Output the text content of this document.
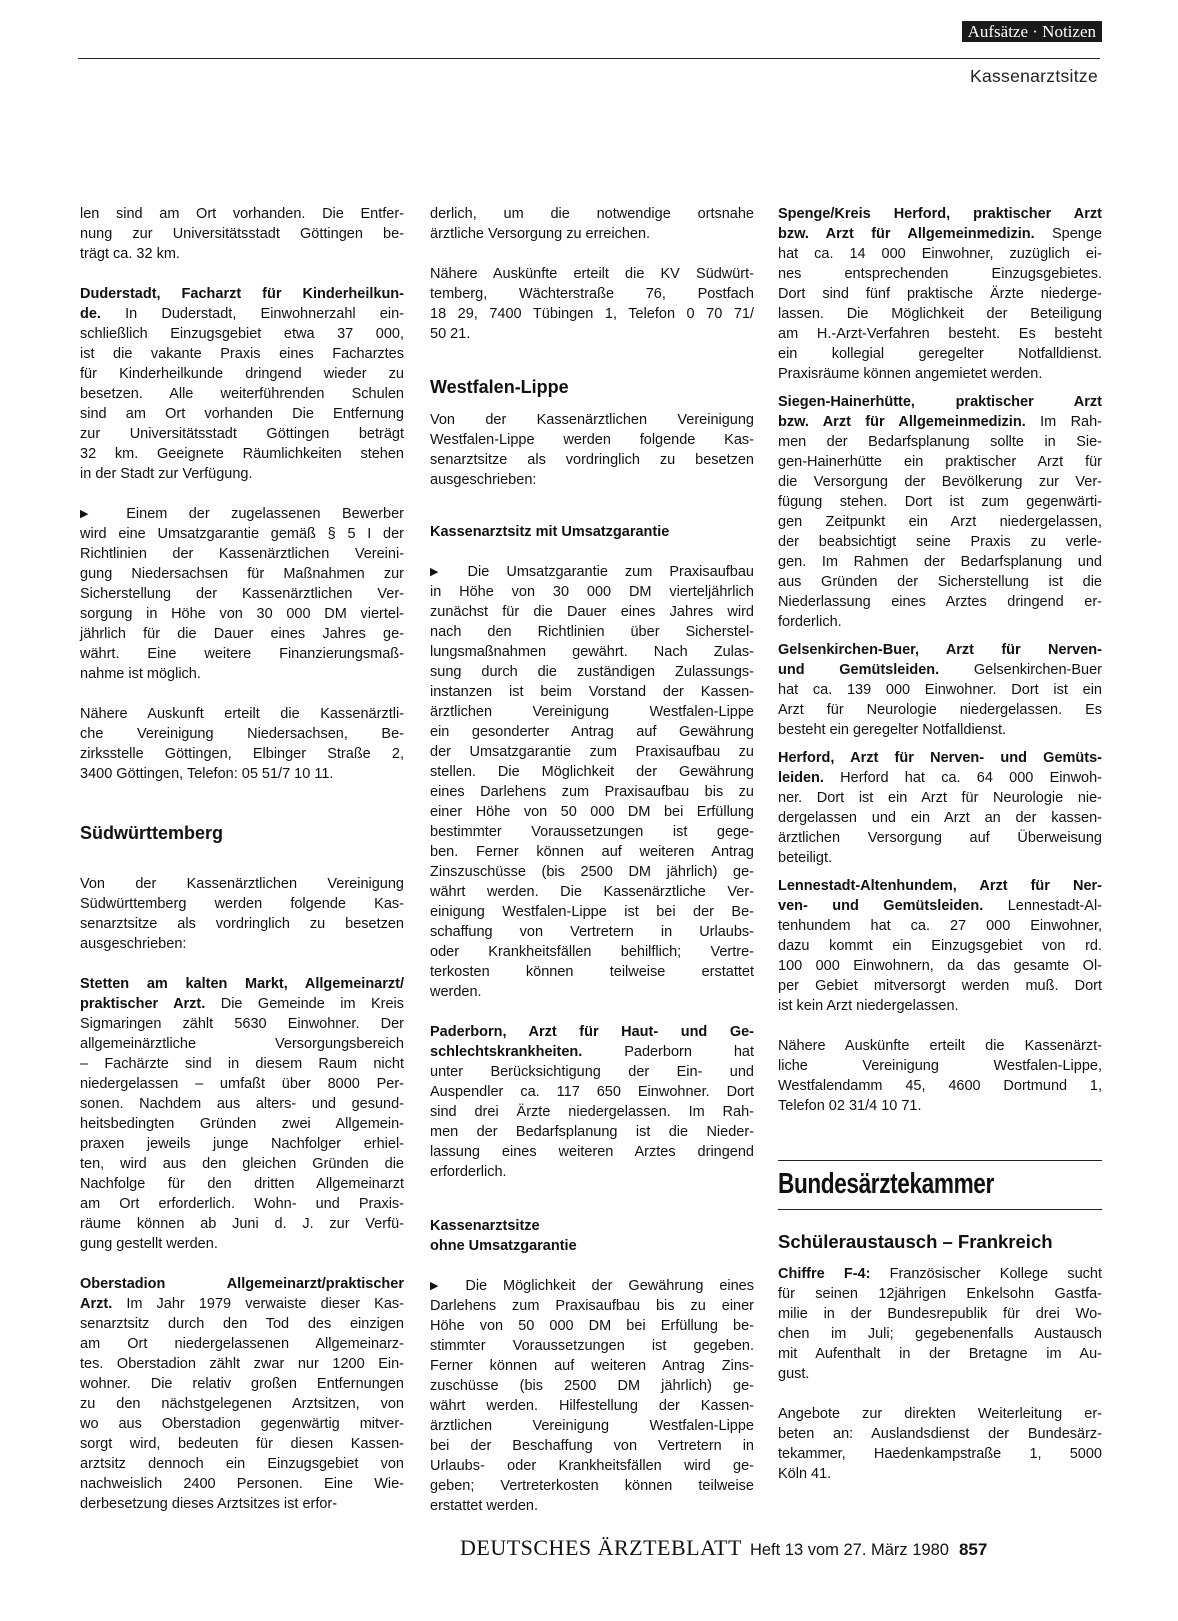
Aufsätze · Notizen
Kassenarztsitze
len sind am Ort vorhanden. Die Entfer-
nung zur Universitätsstadt Göttingen be-
trägt ca. 32 km.
Duderstadt, Facharzt für Kinderheilkun-
de. In Duderstadt, Einwohnerzahl ein-
schließlich Einzugsgebiet etwa 37 000,
ist die vakante Praxis eines Facharztes
für Kinderheilkunde dringend wieder zu
besetzen. Alle weiterführenden Schulen
sind am Ort vorhanden Die Entfernung
zur Universitätsstadt Göttingen beträgt
32 km. Geeignete Räumlichkeiten stehen
in der Stadt zur Verfügung.
▶ Einem der zugelassenen Bewerber
wird eine Umsatzgarantie gemäß § 5 I der
Richtlinien der Kassenärztlichen Vereini-
gung Niedersachsen für Maßnahmen zur
Sicherstellung der Kassenärztlichen Ver-
sorgung in Höhe von 30 000 DM viertel-
jährlich für die Dauer eines Jahres ge-
währt. Eine weitere Finanzierungsmaß-
nahme ist möglich.
Nähere Auskunft erteilt die Kassenärztli-
che Vereinigung Niedersachsen, Be-
zirksstelle Göttingen, Elbinger Straße 2,
3400 Göttingen, Telefon: 05 51/7 10 11.
Südwürttemberg
Von der Kassenärztlichen Vereinigung
Südwürttemberg werden folgende Kas-
senarztsitze als vordringlich zu besetzen
ausgeschrieben:
Stetten am kalten Markt, Allgemeinarzt/
praktischer Arzt. Die Gemeinde im Kreis
Sigmaringen zählt 5630 Einwohner. Der
allgemeinärztliche Versorgungsbereich
– Fachärzte sind in diesem Raum nicht
niedergelassen – umfaßt über 8000 Per-
sonen. Nachdem aus alters- und gesund-
heitsbedingten Gründen zwei Allgemein-
praxen jeweils junge Nachfolger erhiel-
ten, wird aus den gleichen Gründen die
Nachfolge für den dritten Allgemeinarzt
am Ort erforderlich. Wohn- und Praxis-
räume können ab Juni d. J. zur Verfü-
gung gestellt werden.
Oberstadion Allgemeinarzt/praktischer
Arzt. Im Jahr 1979 verwaiste dieser Kas-
senarztsitz durch den Tod des einzigen
am Ort niedergelassenen Allgemeinarz-
tes. Oberstadion zählt zwar nur 1200 Ein-
wohner. Die relativ großen Entfernungen
zu den nächstgelegenen Arztsitzen, von
wo aus Oberstadion gegenwärtig mitver-
sorgt wird, bedeuten für diesen Kassen-
arztsitz dennoch ein Einzugsgebiet von
nachweislich 2400 Personen. Eine Wie-
derbesetzung dieses Arztsitzes ist erfor-
derlich, um die notwendige ortsnahe
ärztliche Versorgung zu erreichen.
Nähere Auskünfte erteilt die KV Südwürt-
temberg, Wächterstraße 76, Postfach
18 29, 7400 Tübingen 1, Telefon 0 70 71/
50 21.
Westfalen-Lippe
Von der Kassenärztlichen Vereinigung
Westfalen-Lippe werden folgende Kas-
senarztsitze als vordringlich zu besetzen
ausgeschrieben:
Kassenarztsitz mit Umsatzgarantie
▶ Die Umsatzgarantie zum Praxisaufbau
in Höhe von 30 000 DM vierteljährlich
zunächst für die Dauer eines Jahres wird
nach den Richtlinien über Sicherstel-
lungsmaßnahmen gewährt. Nach Zulas-
sung durch die zuständigen Zulassungs-
instanzen ist beim Vorstand der Kassen-
ärztlichen Vereinigung Westfalen-Lippe
ein gesonderter Antrag auf Gewährung
der Umsatzgarantie zum Praxisaufbau zu
stellen. Die Möglichkeit der Gewährung
eines Darlehens zum Praxisaufbau bis zu
einer Höhe von 50 000 DM bei Erfüllung
bestimmter Voraussetzungen ist gege-
ben. Ferner können auf weiteren Antrag
Zinszuschüsse (bis 2500 DM jährlich) ge-
währt werden. Die Kassenärztliche Ver-
einigung Westfalen-Lippe ist bei der Be-
schaffung von Vertretern in Urlaubs-
oder Krankheitsfällen behilflich; Vertre-
terkosten können teilweise erstattet
werden.
Paderborn, Arzt für Haut- und Ge-
schlechtskrankheiten. Paderborn hat
unter Berücksichtigung der Ein- und
Auspendler ca. 117 650 Einwohner. Dort
sind drei Ärzte niedergelassen. Im Rah-
men der Bedarfsplanung ist die Nieder-
lassung eines weiteren Arztes dringend
erforderlich.
Kassenarztsitze
ohne Umsatzgarantie
▶ Die Möglichkeit der Gewährung eines
Darlehens zum Praxisaufbau bis zu einer
Höhe von 50 000 DM bei Erfüllung be-
stimmter Voraussetzungen ist gegeben.
Ferner können auf weiteren Antrag Zins-
zuschüsse (bis 2500 DM jährlich) ge-
währt werden. Hilfestellung der Kassen-
ärztlichen Vereinigung Westfalen-Lippe
bei der Beschaffung von Vertretern in
Urlaubs- oder Krankheitsfällen wird ge-
geben; Vertreterkosten können teilweise
erstattet werden.
Spenge/Kreis Herford, praktischer Arzt
bzw. Arzt für Allgemeinmedizin. Spenge
hat ca. 14 000 Einwohner, zuzüglich ei-
nes entsprechenden Einzugsgebietes.
Dort sind fünf praktische Ärzte niederge-
lassen. Die Möglichkeit der Beteiligung
am H.-Arzt-Verfahren besteht. Es besteht
ein kollegial geregelter Notfalldienst.
Praxisräume können angemietet werden.
Siegen-Hainerhütte, praktischer Arzt
bzw. Arzt für Allgemeinmedizin. Im Rah-
men der Bedarfsplanung sollte in Sie-
gen-Hainerhütte ein praktischer Arzt für
die Versorgung der Bevölkerung zur Ver-
fügung stehen. Dort ist zum gegenwärti-
gen Zeitpunkt ein Arzt niedergelassen,
der beabsichtigt seine Praxis zu verle-
gen. Im Rahmen der Bedarfsplanung und
aus Gründen der Sicherstellung ist die
Niederlassung eines Arztes dringend er-
forderlich.
Gelsenkirchen-Buer, Arzt für Nerven-
und Gemütsleiden. Gelsenkirchen-Buer
hat ca. 139 000 Einwohner. Dort ist ein
Arzt für Neurologie niedergelassen. Es
besteht ein geregelter Notfalldienst.
Herford, Arzt für Nerven- und Gemüts-
leiden. Herford hat ca. 64 000 Einwoh-
ner. Dort ist ein Arzt für Neurologie nie-
dergelassen und ein Arzt an der kassen-
ärztlichen Versorgung auf Überweisung
beteiligt.
Lennestadt-Altenhundem, Arzt für Ner-
ven- und Gemütsleiden. Lennestadt-Al-
tenhundem hat ca. 27 000 Einwohner,
dazu kommt ein Einzugsgebiet von rd.
100 000 Einwohnern, da das gesamte Ol-
per Gebiet mitversorgt werden muß. Dort
ist kein Arzt niedergelassen.
Nähere Auskünfte erteilt die Kassenärzt-
liche Vereinigung Westfalen-Lippe,
Westfalendamm 45, 4600 Dortmund 1,
Telefon 02 31/4 10 71.
Bundesärztekammer
Schüleraustausch – Frankreich
Chiffre F-4: Französischer Kollege sucht
für seinen 12jährigen Enkelsohn Gastfa-
milie in der Bundesrepublik für drei Wo-
chen im Juli; gegebenenfalls Austausch
mit Aufenthalt in der Bretagne im Au-
gust.
Angebote zur direkten Weiterleitung er-
beten an: Auslandsdienst der Bundesärz-
tekammer, Haedenkampstraße 1, 5000
Köln 41.
DEUTSCHES ÄRZTEBLATT Heft 13 vom 27. März 1980 857
